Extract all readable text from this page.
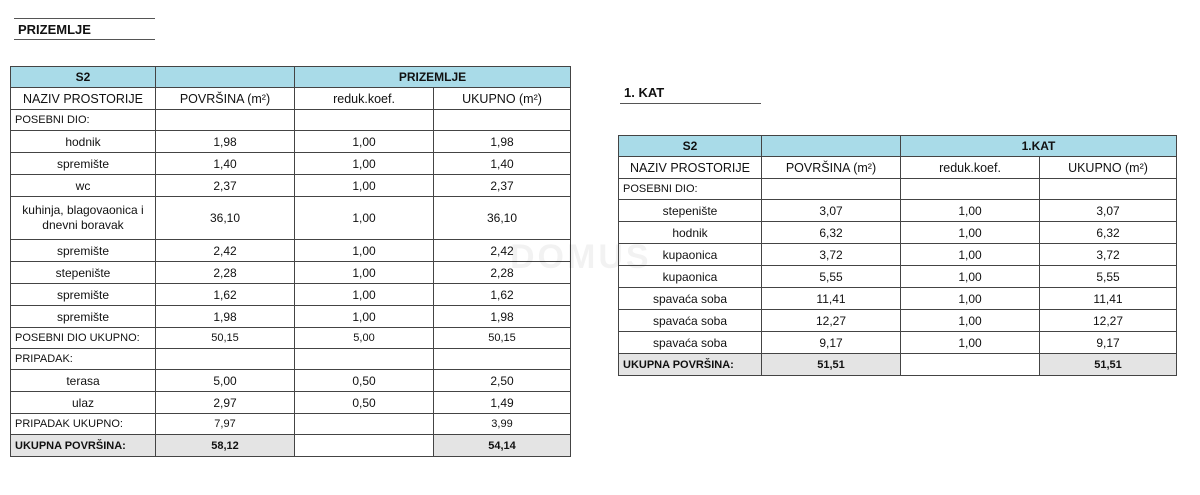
PRIZEMLJE
S2		PRIZEMLJE	
NAZIV PROSTORIJE	POVRŠINA (m²)	reduk.koef.	UKUPNO (m²)
POSEBNI DIO:			
hodnik	1,98	1,00	1,98
spremište	1,40	1,00	1,40
wc	2,37	1,00	2,37
kuhinja, blagovaonica i dnevni boravak	36,10	1,00	36,10
spremište	2,42	1,00	2,42
stepenište	2,28	1,00	2,28
spremište	1,62	1,00	1,62
spremište	1,98	1,00	1,98
POSEBNI DIO UKUPNO:	50,15	5,00	50,15
PRIPADAK:			
terasa	5,00	0,50	2,50
ulaz	2,97	0,50	1,49
PRIPADAK UKUPNO:	7,97		3,99
UKUPNA POVRŠINA:	58,12		54,14
DOMUS
1. KAT
S2		1.KAT	
NAZIV PROSTORIJE	POVRŠINA (m²)	reduk.koef.	UKUPNO (m²)
POSEBNI DIO:			
stepenište	3,07	1,00	3,07
hodnik	6,32	1,00	6,32
kupaonica	3,72	1,00	3,72
kupaonica	5,55	1,00	5,55
spavaća soba	11,41	1,00	11,41
spavaća soba	12,27	1,00	12,27
spavaća soba	9,17	1,00	9,17
UKUPNA POVRŠINA:	51,51		51,51
